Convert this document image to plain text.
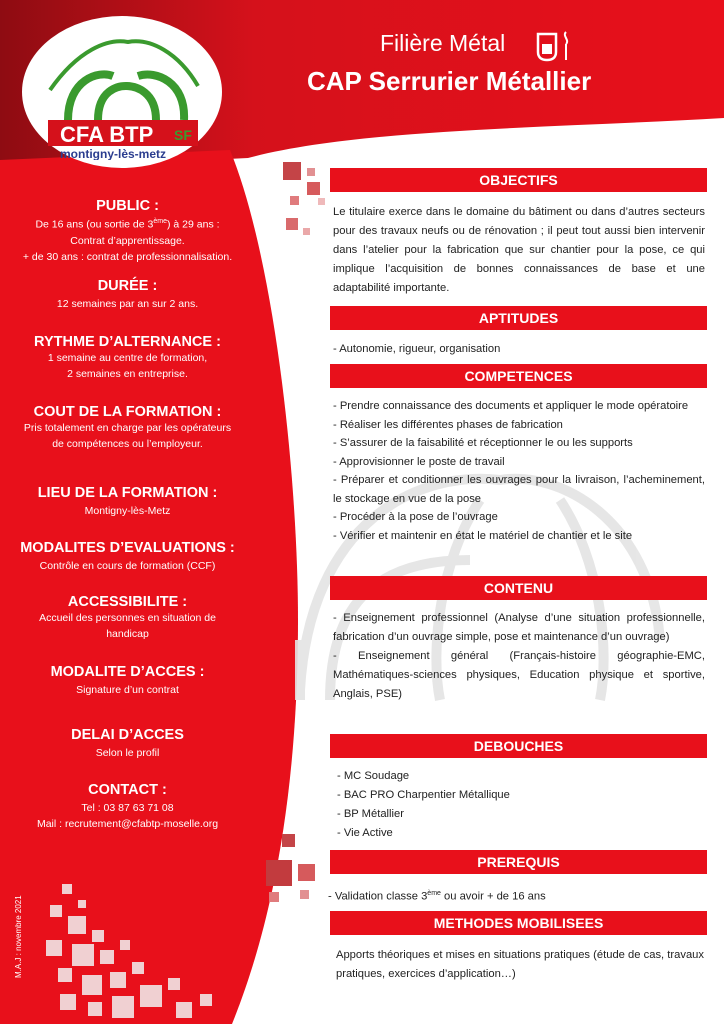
CFA BTP SF
montigny-lès-metz
Filière Métal
CAP Serrurier Métallier
PUBLIC :
De 16 ans (ou sortie de 3ème) à 29 ans :
Contrat d’apprentissage.
+ de 30 ans : contrat de professionnalisation.
DURÉE :
12 semaines par an sur 2 ans.
RYTHME D’ALTERNANCE :
1 semaine au centre de formation,
2 semaines en entreprise.
COUT DE LA FORMATION :
Pris totalement en charge par les opérateurs
de compétences ou l’employeur.
LIEU DE LA FORMATION :
Montigny-lès-Metz
MODALITES D’EVALUATIONS :
Contrôle en cours de formation (CCF)
ACCESSIBILITE :
Accueil des personnes en situation de
handicap
MODALITE D’ACCES :
Signature d’un contrat
DELAI D’ACCES
Selon le profil
CONTACT :
Tel : 03 87 63 71 08
Mail : recrutement@cfabtp-moselle.org
M.A.J : novembre 2021
OBJECTIFS
Le titulaire exerce dans le domaine du bâtiment ou dans d’autres secteurs pour des travaux neufs ou de rénovation ; il peut tout aussi bien intervenir dans l’atelier pour la fabrication que sur chantier pour la pose, ce qui implique l’acquisition de bonnes connaissances de base et une adaptabilité importante.
APTITUDES
- Autonomie, rigueur, organisation
COMPETENCES
- Prendre connaissance des documents et appliquer le mode opératoire
- Réaliser les différentes phases de fabrication
- S’assurer de la faisabilité et réceptionner le ou les supports
- Approvisionner le poste de travail
- Préparer et conditionner les ouvrages pour la livraison, l’acheminement, le stockage en vue de la pose
- Procéder à la pose de l’ouvrage
- Vérifier et maintenir en état le matériel de chantier et le site
CONTENU
- Enseignement professionnel (Analyse d’une situation professionnelle, fabrication d’un ouvrage simple, pose et maintenance d’un ouvrage)
- Enseignement général (Français-histoire géographie-EMC, Mathématiques-sciences physiques, Education physique et sportive, Anglais, PSE)
DEBOUCHES
- MC Soudage
- BAC PRO Charpentier Métallique
- BP Métallier
- Vie Active
PREREQUIS
- Validation classe 3ème ou avoir + de 16 ans
METHODES MOBILISEES
Apports théoriques et mises en situations pratiques (étude de cas, travaux pratiques, exercices d’application…)
